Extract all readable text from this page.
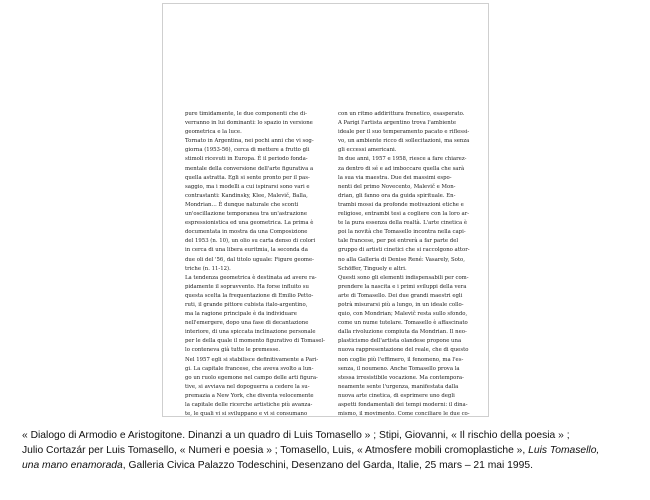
pure timidamente, le due componenti che di-
verranno in lui dominanti: lo spazio in versione
geometrica e la luce.
Tornato in Argentina, nei pochi anni che vi sog-
giorna (1953-56), cerca di mettere a frutto gli
stimoli ricevuti in Europa. È il periodo fonda-
mentale della conversione dell'arte figurativa a
quella astratta. Egli si sente pronto per il pas-
saggio, ma i modelli a cui ispirarsi sono vari e
contrastanti: Kandinsky, Klee, Malevič, Balla,
Mondrian… È dunque naturale che sconti
un'oscillazione temporanea tra un'astrazione
espressionistica ed una geometrica. La prima è
documentata in mostra da una Composizione
del 1953 (n. 10), un olio su carta denso di colori
in cerca di una libera euritmia, la seconda da
due oli del '56, dal titolo uguale: Figure geome-
triche (n. 11-12).
La tendenza geometrica è destinata ad avere ra-
pidamente il sopravvento. Ha forse influito su
questa scelta la frequentazione di Emilio Petto-
ruti, il grande pittore cubista italo-argentino,
ma la ragione principale è da individuare
nell'emergere, dopo una fase di decantazione
interiore, di una spiccata inclinazione personale
per le della quale il momento figurativo di Tomasel-
lo conteneva già tutte le premesse.
Nel 1957 egli si stabilisce definitivamente a Pari-
gi. La capitale francese, che aveva svolto a lun-
go un ruolo egemone nel campo delle arti figura-
tive, si avviava nel dopoguerra a cedere la su-
premazia a New York, che diventa velocemente
la capitale delle ricerche artistiche più avanza-
te, le quali vi si sviluppano e vi si consumano
con un ritmo addirittura frenetico, esasperato.
A Parigi l'artista argentino trova l'ambiente
ideale per il suo temperamento pacato e riflessi-
vo, un ambiente ricco di sollecitazioni, ma senza
gli eccessi americani.
In due anni, 1957 e 1958, riesce a fare chiarez-
za dentro di sé e ad imboccare quella che sarà
la sua via maestra. Due dei massimi espo-
nenti del primo Novecento, Malevič e Mon-
drian, gli fanno ora da guida spirituale. En-
trambi mossi da profonde motivazioni etiche e
religiose, entrambi tesi a cogliere con la loro ar-
te la pura essenza della realtà. L'arte cinetica è
poi la novità che Tomasello incontra nella capi-
tale francese, per poi entrerà a far parte del
gruppo di artisti cinetici che si raccolgono attor-
no alla Galleria di Denise René: Vasarely, Soto,
Schöffer, Tinguely e altri.
Questi sono gli elementi indispensabili per com-
prendere la nascita e i primi sviluppi della vera
arte di Tomasello. Dei due grandi maestri egli
potrà misurarsi più a lungo, in un ideale collo-
quio, con Mondrian; Malevič resta sullo sfondo,
come un nume tutelare. Tomasello è affascinato
dalla rivoluzione compiuta da Mondrian. Il neo-
plasticismo dell'artista olandese propone una
nuova rappresentazione del reale, che di questo
non coglie più l'effimero, il fenomeno, ma l'es-
senza, il noumeno. Anche Tomasello prova la
stessa irresistibile vocazione. Ma contempora-
neamente sente l'urgenza, manifestata dalla
nuova arte cinetica, di esprimere uno degli
aspetti fondamentali dei tempi moderni: il dina-
mismo, il movimento. Come conciliare le due co-
« Dialogo di Armodio e Aristogitone. Dinanzi a un quadro di Luis Tomasello » ; Stipi, Giovanni, « Il rischio della poesia » ;
Julio Cortazár per Luis Tomasello, « Numeri e poesia » ; Tomasello, Luis, « Atmosfere mobili cromoplastiche », Luis Tomasello,
una mano enamorada, Galleria Civica Palazzo Todeschini, Desenzano del Garda, Italie, 25 mars – 21 mai 1995.
